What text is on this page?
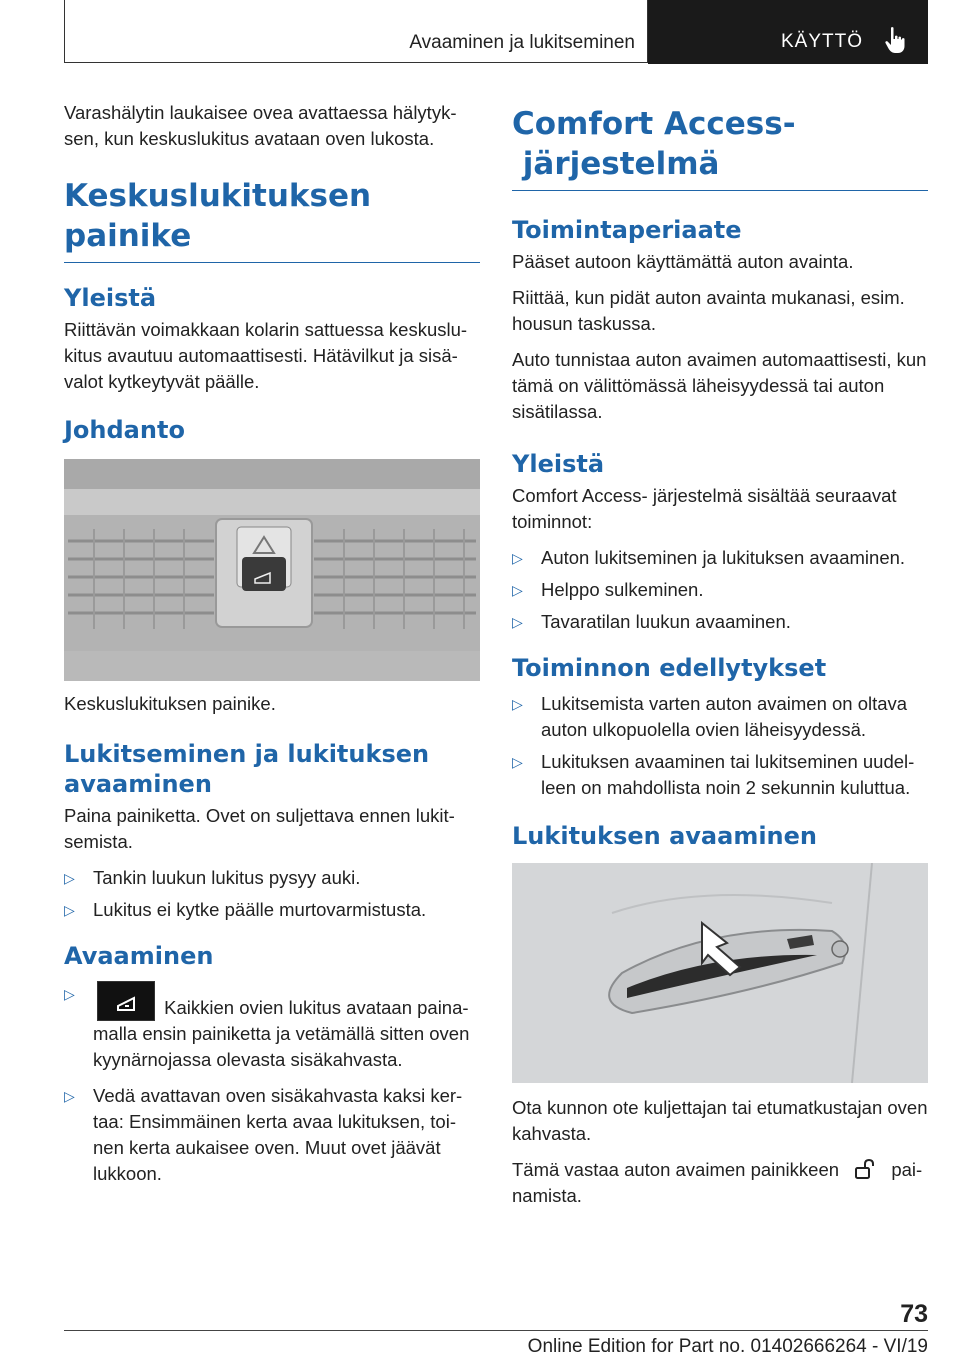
Avaaminen ja lukitseminen	KÄYTTÖ

Varashälytin laukaisee ovea avattaessa hälytyksen, kun keskuslukitus avataan oven lukosta.

Keskuslukituksen painike
Yleistä

Riittävän voimakkaan kolarin sattuessa keskuslukitus avautuu automaattisesti. Hätävilkut ja sisävalot kytkeytyvät päälle.

Johdanto

Keskuslukituksen painike.

Lukitseminen ja lukituksen avaaminen

Paina painiketta. Ovet on suljettava ennen lukitsemista.

▷ Tankin luukun lukitus pysyy auki.
▷ Lukitus ei kytke päälle murtovarmistusta.
Avaaminen
▷
Kaikkien ovien lukitus avataan painamalla ensin painiketta ja vetämällä sitten oven kyynärnojassa olevasta sisäkahvasta.
▷ Vedä avattavan oven sisäkahvasta kaksi kertaa: Ensimmäinen kerta avaa lukituksen, toinen kerta aukaisee oven. Muut ovet jäävät lukkoon.
Comfort Access-
järjestelmä
Toimintaperiaate

Pääset autoon käyttämättä auton avainta.

Riittää, kun pidät auton avainta mukanasi, esim. housun taskussa.

Auto tunnistaa auton avaimen automaattisesti, kun tämä on välittömässä läheisyydessä tai auton sisätilassa.

Yleistä

Comfort Access- järjestelmä sisältää seuraavat toiminnot:

▷ Auton lukitseminen ja lukituksen avaaminen.
▷ Helppo sulkeminen.
▷ Tavaratilan luukun avaaminen.
Toiminnon edellytykset
▷ Lukitsemista varten auton avaimen on oltava auton ulkopuolella ovien läheisyydessä.
▷ Lukituksen avaaminen tai lukitseminen uudelleen on mahdollista noin 2 sekunnin kuluttua.
Lukituksen avaaminen

Ota kunnon ote kuljettajan tai etumatkustajan oven kahvasta.

Tämä vastaa auton avaimen painikkeen	painamista.

73
Online Edition for Part no. 01402666264 - VI/19
